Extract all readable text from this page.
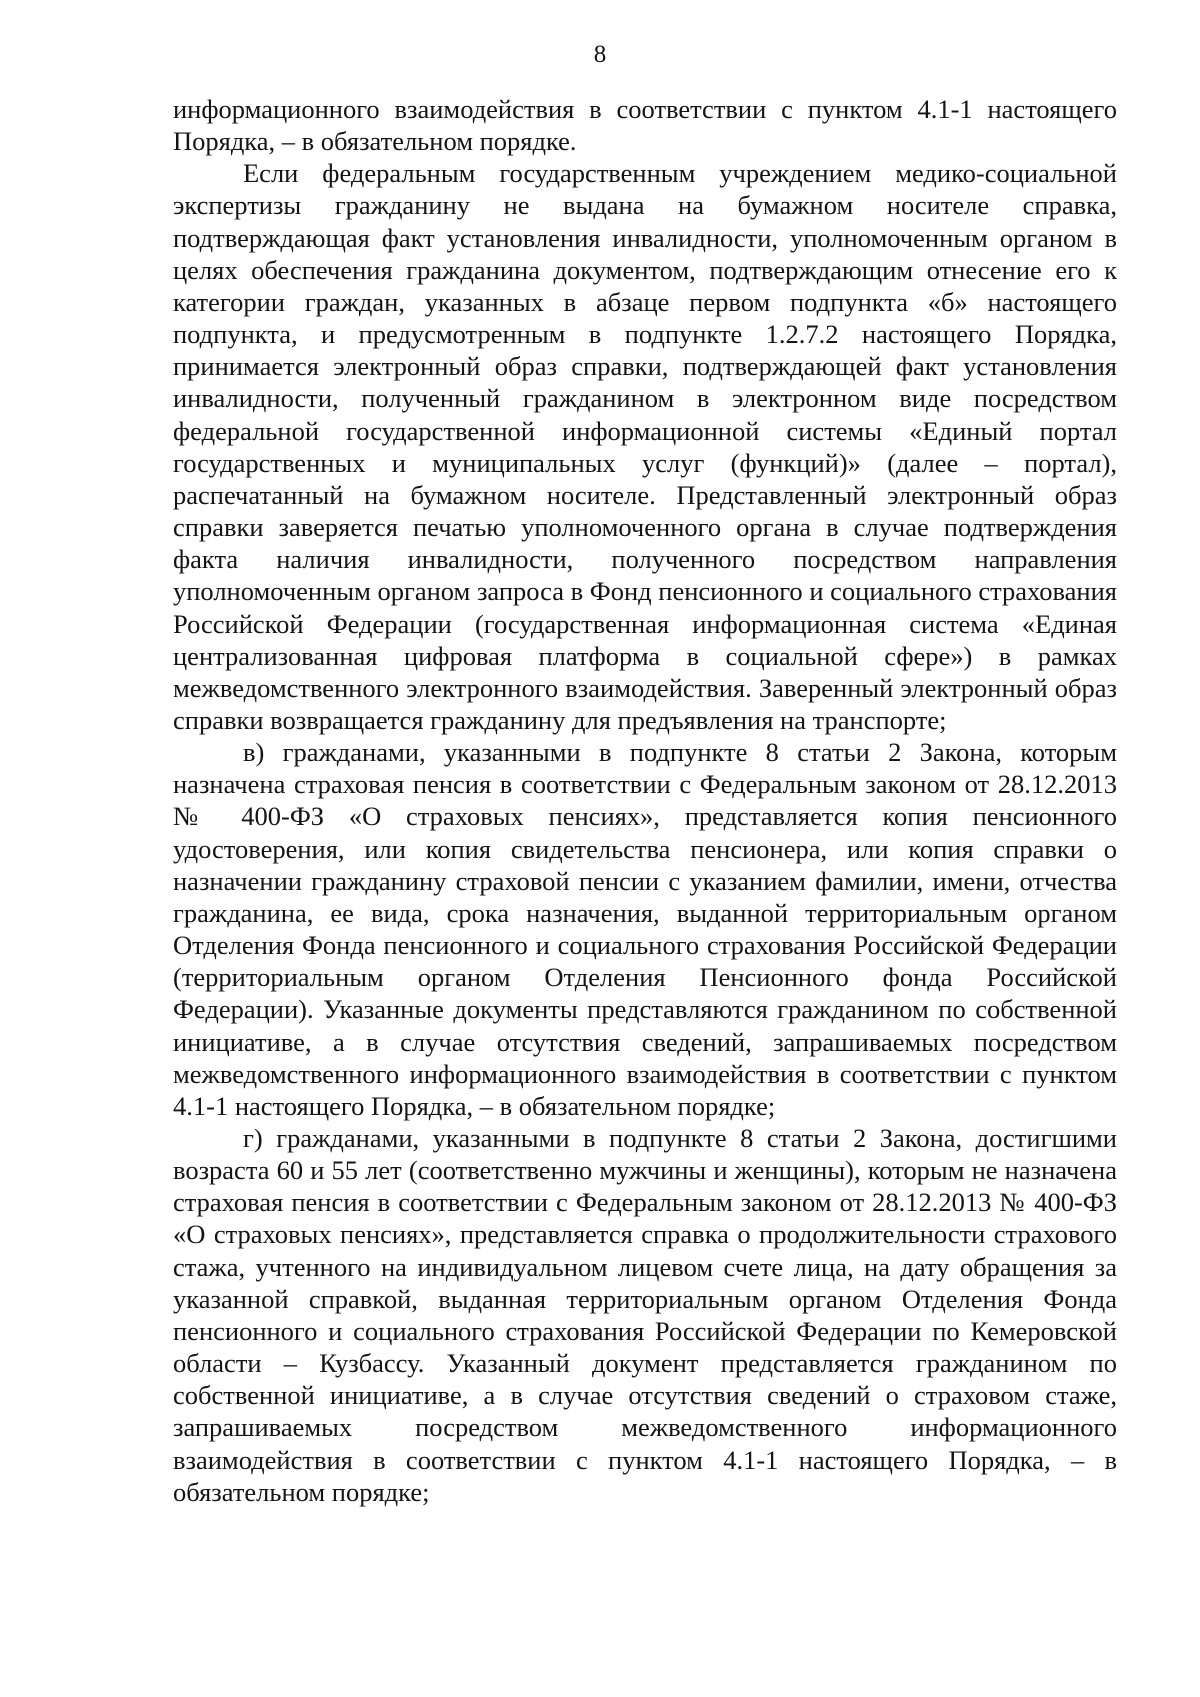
8

информационного взаимодействия в соответствии с пунктом 4.1-1 настоящего Порядка, – в обязательном порядке.

Если федеральным государственным учреждением медико-социальной экспертизы гражданину не выдана на бумажном носителе справка, подтверждающая факт установления инвалидности, уполномоченным органом в целях обеспечения гражданина документом, подтверждающим отнесение его к категории граждан, указанных в абзаце первом подпункта «б» настоящего подпункта, и предусмотренным в подпункте 1.2.7.2 настоящего Порядка, принимается электронный образ справки, подтверждающей факт установления инвалидности, полученный гражданином в электронном виде посредством федеральной государственной информационной системы «Единый портал государственных и муниципальных услуг (функций)» (далее – портал), распечатанный на бумажном носителе. Представленный электронный образ справки заверяется печатью уполномоченного органа в случае подтверждения факта наличия инвалидности, полученного посредством направления уполномоченным органом запроса в Фонд пенсионного и социального страхования Российской Федерации (государственная информационная система «Единая централизованная цифровая платформа в социальной сфере») в рамках межведомственного электронного взаимодействия. Заверенный электронный образ справки возвращается гражданину для предъявления на транспорте;

в) гражданами, указанными в подпункте 8 статьи 2 Закона, которым назначена страховая пенсия в соответствии с Федеральным законом от 28.12.2013 № 400-ФЗ «О страховых пенсиях», представляется копия пенсионного удостоверения, или копия свидетельства пенсионера, или копия справки о назначении гражданину страховой пенсии с указанием фамилии, имени, отчества гражданина, ее вида, срока назначения, выданной территориальным органом Отделения Фонда пенсионного и социального страхования Российской Федерации (территориальным органом Отделения Пенсионного фонда Российской Федерации). Указанные документы представляются гражданином по собственной инициативе, а в случае отсутствия сведений, запрашиваемых посредством межведомственного информационного взаимодействия в соответствии с пунктом 4.1-1 настоящего Порядка, – в обязательном порядке;

г) гражданами, указанными в подпункте 8 статьи 2 Закона, достигшими возраста 60 и 55 лет (соответственно мужчины и женщины), которым не назначена страховая пенсия в соответствии с Федеральным законом от 28.12.2013 № 400-ФЗ «О страховых пенсиях», представляется справка о продолжительности страхового стажа, учтенного на индивидуальном лицевом счете лица, на дату обращения за указанной справкой, выданная территориальным органом Отделения Фонда пенсионного и социального страхования Российской Федерации по Кемеровской области – Кузбассу. Указанный документ представляется гражданином по собственной инициативе, а в случае отсутствия сведений о страховом стаже, запрашиваемых посредством межведомственного информационного взаимодействия в соответствии с пунктом 4.1-1 настоящего Порядка, – в обязательном порядке;
